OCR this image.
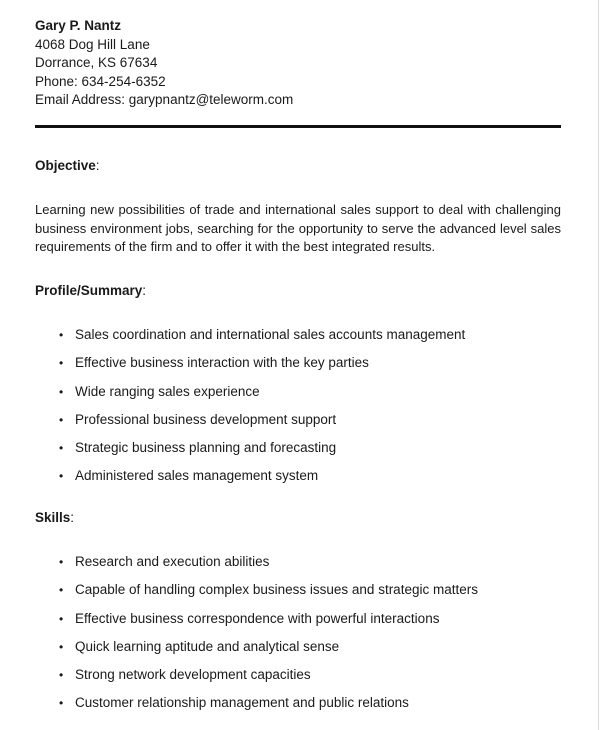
Gary P. Nantz
4068 Dog Hill Lane
Dorrance, KS 67634
Phone: 634-254-6352
Email Address: garypnantz@teleworm.com
Objective:
Learning new possibilities of trade and international sales support to deal with challenging business environment jobs, searching for the opportunity to serve the advanced level sales requirements of the firm and to offer it with the best integrated results.
Profile/Summary:
• Sales coordination and international sales accounts management
• Effective business interaction with the key parties
• Wide ranging sales experience
• Professional business development support
• Strategic business planning and forecasting
• Administered sales management system
Skills:
• Research and execution abilities
• Capable of handling complex business issues and strategic matters
• Effective business correspondence with powerful interactions
• Quick learning aptitude and analytical sense
• Strong network development capacities
• Customer relationship management and public relations
